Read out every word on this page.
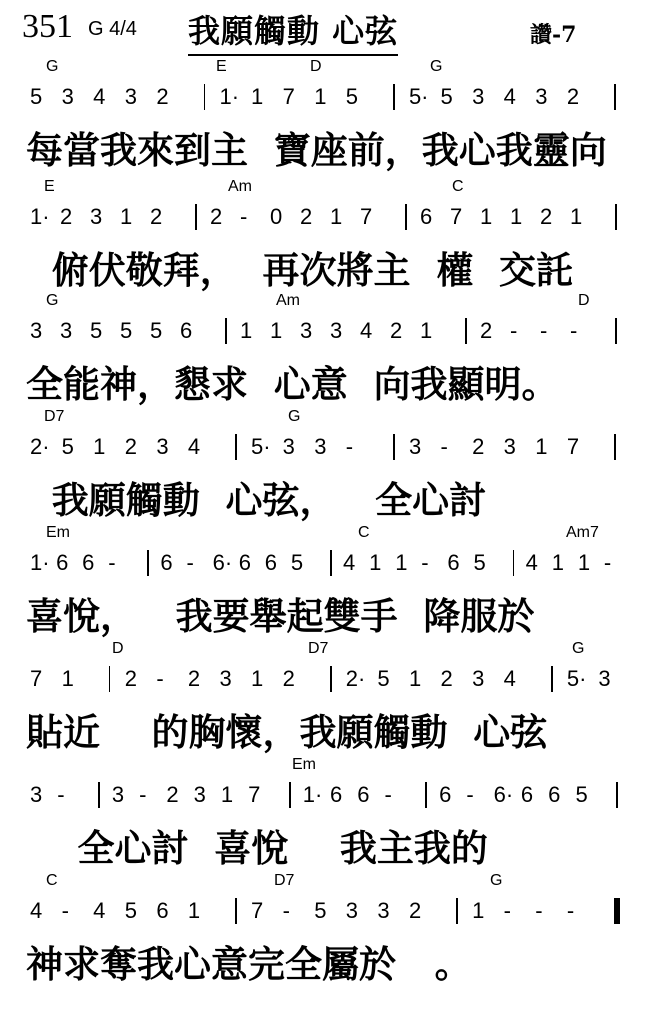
351 G 4/4 我願觸動 心弦	讚-7
G	E	D	G
5 3 4 3 2 1· 1 7 1 5 5· 5 3 4 3 2
每當我來到主  寶座前，我心我靈向
E	Am	C
1· 2 3 1 2 2 - 0 2 1 7 6 7 1 1 2 1
俯伏敬拜，  再次將主  權  交託
G	Am	D
3 3 5 5 5 6 1 1 3 3 4 2 1 2 - - -
全能神，懇求  心意  向我顯明。
D7	G
2· 5 1 2 3 4 5· 3 3 -	3 - 2 3 1 7
我願觸動  心弦，   全心討
Em	C	Am7
1· 6 6 - 6 - 6· 6 6 5 4 1 1 - 6 5 4 1 1 -
喜悅，   我要舉起雙手  降服於
D	D7	G
7 1 2 - 2 3 1 2 2· 5 1 2 3 4 5· 3
貼近    的胸懷，我願觸動  心弦
Em
3 - 3 - 2 3 1 7 1· 6 6 - 6 - 6· 6 6 5
全心討  喜悅    我主我的
C	D7	G
4 - 4 5 6 1 7 - 5 3 3 2 1 - - -
神求奪我心意完全屬於   。
